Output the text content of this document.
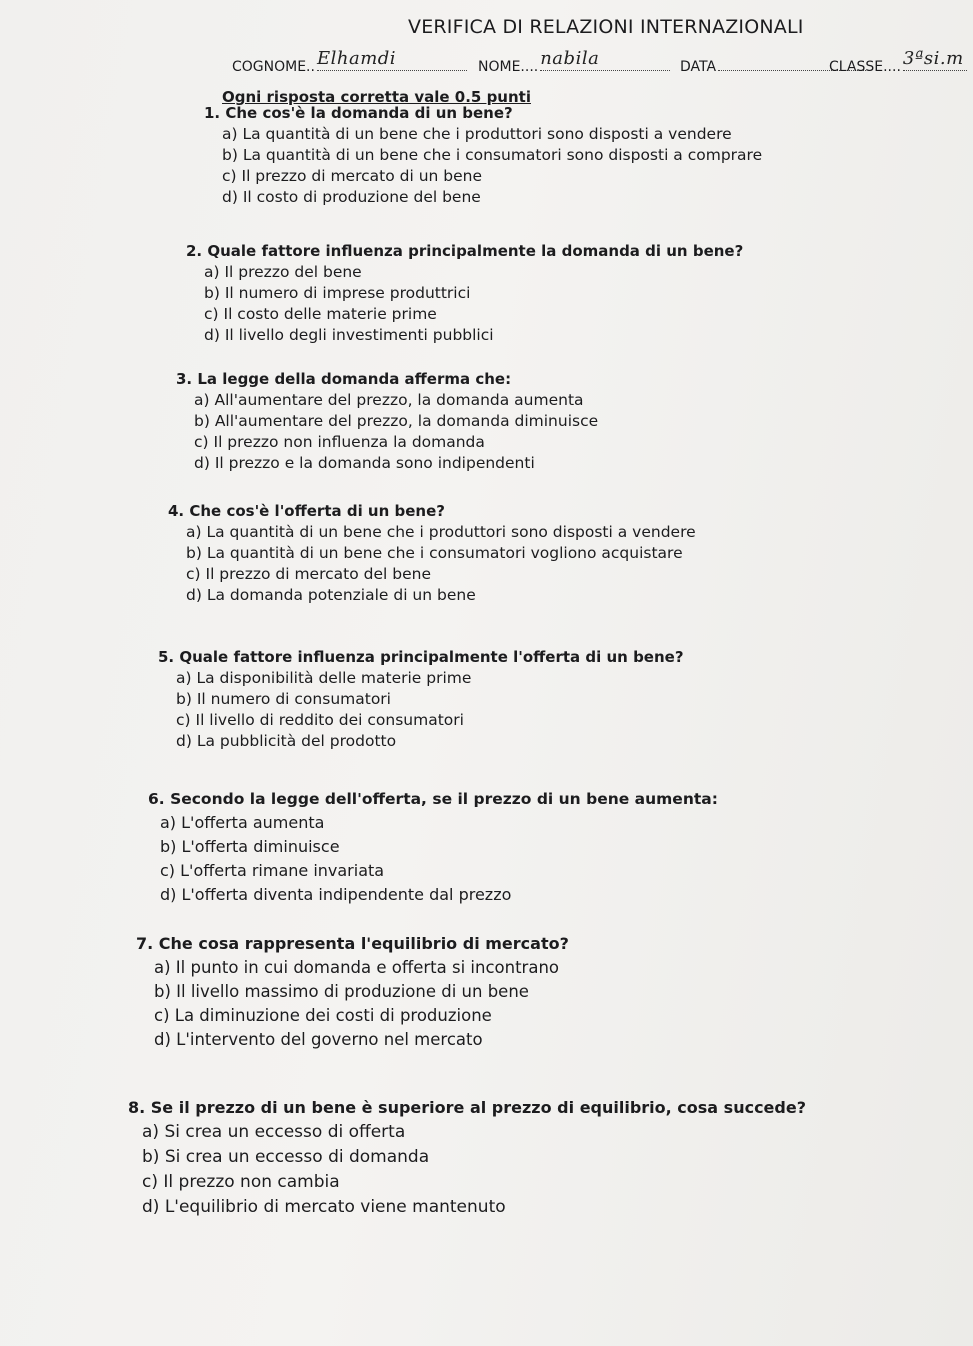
VERIFICA DI RELAZIONI INTERNAZIONALI
COGNOME.. Elhamdi	NOME.... nabila	DATA	CLASSE.... 3ªsi.m
Ogni risposta corretta vale 0.5 punti
1. Che cos'è la domanda di un bene?
a) La quantità di un bene che i produttori sono disposti a vendere
b) La quantità di un bene che i consumatori sono disposti a comprare
c) Il prezzo di mercato di un bene
d) Il costo di produzione del bene
2. Quale fattore influenza principalmente la domanda di un bene?
a) Il prezzo del bene
b) Il numero di imprese produttrici
c) Il costo delle materie prime
d) Il livello degli investimenti pubblici
3. La legge della domanda afferma che:
a) All'aumentare del prezzo, la domanda aumenta
b) All'aumentare del prezzo, la domanda diminuisce
c) Il prezzo non influenza la domanda
d) Il prezzo e la domanda sono indipendenti
4. Che cos'è l'offerta di un bene?
a) La quantità di un bene che i produttori sono disposti a vendere
b) La quantità di un bene che i consumatori vogliono acquistare
c) Il prezzo di mercato del bene
d) La domanda potenziale di un bene
5. Quale fattore influenza principalmente l'offerta di un bene?
a) La disponibilità delle materie prime
b) Il numero di consumatori
c) Il livello di reddito dei consumatori
d) La pubblicità del prodotto
6. Secondo la legge dell'offerta, se il prezzo di un bene aumenta:
a) L'offerta aumenta
b) L'offerta diminuisce
c) L'offerta rimane invariata
d) L'offerta diventa indipendente dal prezzo
7. Che cosa rappresenta l'equilibrio di mercato?
a) Il punto in cui domanda e offerta si incontrano
b) Il livello massimo di produzione di un bene
c) La diminuzione dei costi di produzione
d) L'intervento del governo nel mercato
8. Se il prezzo di un bene è superiore al prezzo di equilibrio, cosa succede?
a) Si crea un eccesso di offerta
b) Si crea un eccesso di domanda
c) Il prezzo non cambia
d) L'equilibrio di mercato viene mantenuto
